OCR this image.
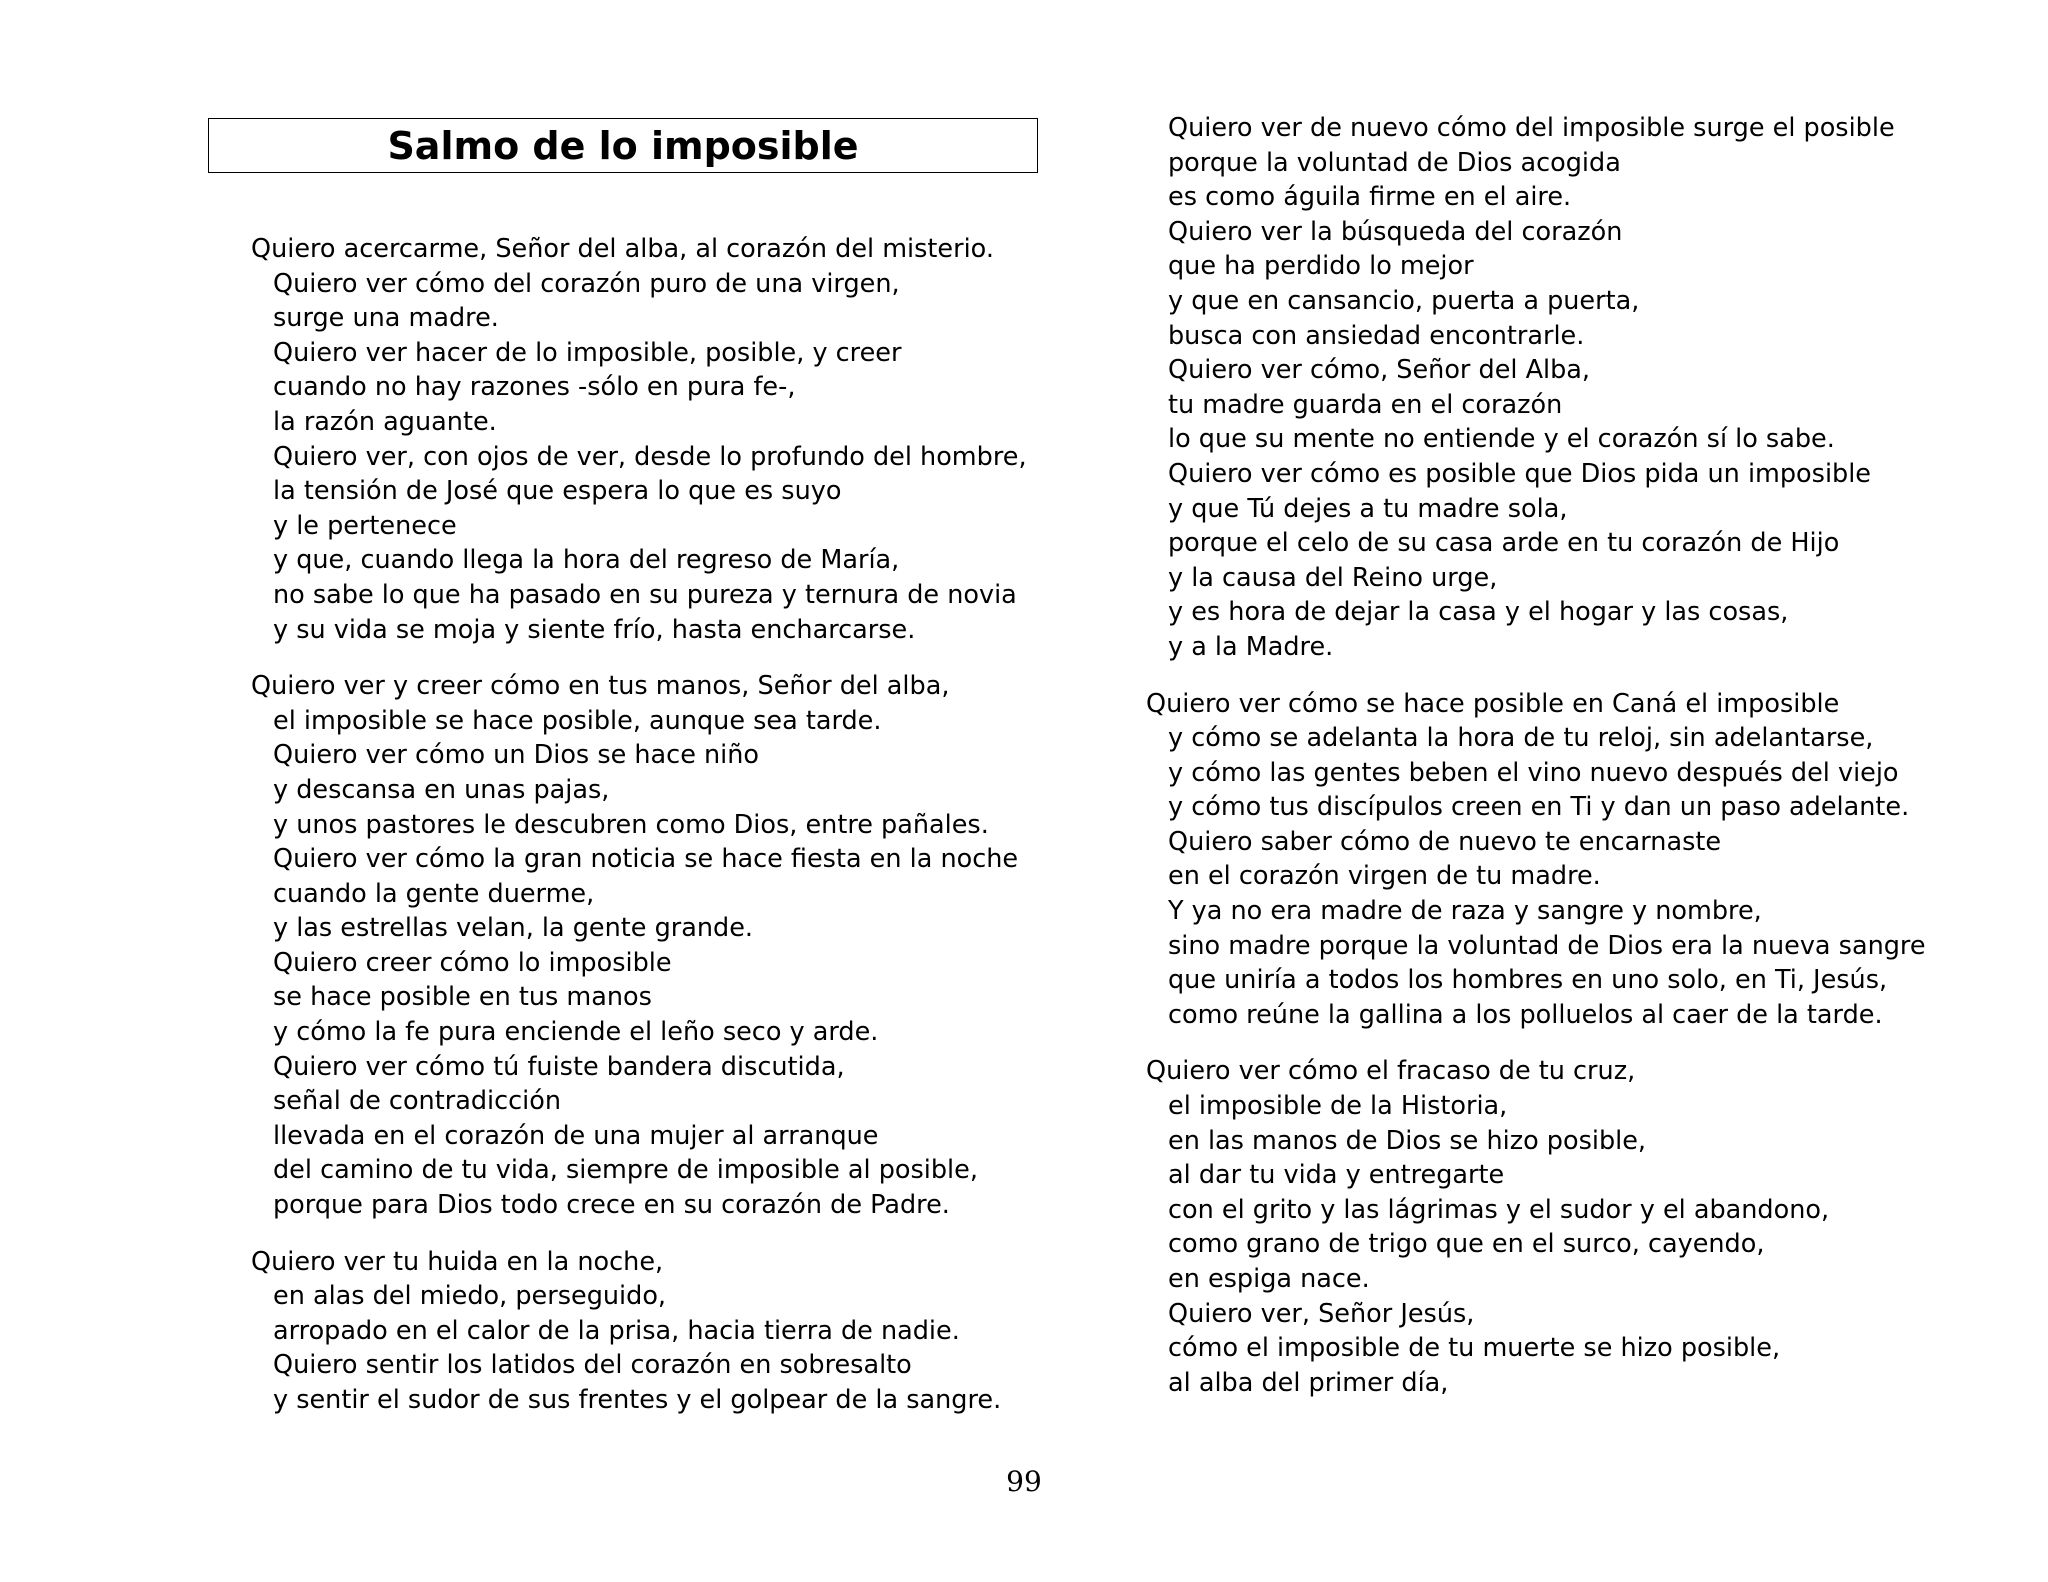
Salmo de lo imposible
Quiero acercarme, Señor del alba, al corazón del misterio.
Quiero ver cómo del corazón puro de una virgen,
surge una madre.
Quiero ver hacer de lo imposible, posible, y creer
cuando no hay razones -sólo en pura fe-,
la razón aguante.
Quiero ver, con ojos de ver, desde lo profundo del hombre,
la tensión de José que espera lo que es suyo
y le pertenece
y que, cuando llega la hora del regreso de María,
no sabe lo que ha pasado en su pureza y ternura de novia
y su vida se moja y siente frío, hasta encharcarse.
Quiero ver y creer cómo en tus manos, Señor del alba,
el imposible se hace posible, aunque sea tarde.
Quiero ver cómo un Dios se hace niño
y descansa en unas pajas,
y unos pastores le descubren como Dios, entre pañales.
Quiero ver cómo la gran noticia se hace fiesta en la noche
cuando la gente duerme,
y las estrellas velan, la gente grande.
Quiero creer cómo lo imposible
se hace posible en tus manos
y cómo la fe pura enciende el leño seco y arde.
Quiero ver cómo tú fuiste bandera discutida,
señal de contradicción
llevada en el corazón de una mujer al arranque
del camino de tu vida, siempre de imposible al posible,
porque para Dios todo crece en su corazón de Padre.
Quiero ver tu huida en la noche,
en alas del miedo, perseguido,
arropado en el calor de la prisa, hacia tierra de nadie.
Quiero sentir los latidos del corazón en sobresalto
y sentir el sudor de sus frentes y el golpear de la sangre.
Quiero ver de nuevo cómo del imposible surge el posible
porque la voluntad de Dios acogida
es como águila firme en el aire.
Quiero ver la búsqueda del corazón
que ha perdido lo mejor
y que en cansancio, puerta a puerta,
busca con ansiedad encontrarle.
Quiero ver cómo, Señor del Alba,
tu madre guarda en el corazón
lo que su mente no entiende y el corazón sí lo sabe.
Quiero ver cómo es posible que Dios pida un imposible
y que Tú dejes a tu madre sola,
porque el celo de su casa arde en tu corazón de Hijo
y la causa del Reino urge,
y es hora de dejar la casa y el hogar y las cosas,
y a la Madre.
Quiero ver cómo se hace posible en Caná el imposible
y cómo se adelanta la hora de tu reloj, sin adelantarse,
y cómo las gentes beben el vino nuevo después del viejo
y cómo tus discípulos creen en Ti y dan un paso adelante.
Quiero saber cómo de nuevo te encarnaste
en el corazón virgen de tu madre.
Y ya no era madre de raza y sangre y nombre,
sino madre porque la voluntad de Dios era la nueva sangre
que uniría a todos los hombres en uno solo, en Ti, Jesús,
como reúne la gallina a los polluelos al caer de la tarde.
Quiero ver cómo el fracaso de tu cruz,
el imposible de la Historia,
en las manos de Dios se hizo posible,
al dar tu vida y entregarte
con el grito y las lágrimas y el sudor y el abandono,
como grano de trigo que en el surco, cayendo,
en espiga nace.
Quiero ver, Señor Jesús,
cómo el imposible de tu muerte se hizo posible,
al alba del primer día,
99
